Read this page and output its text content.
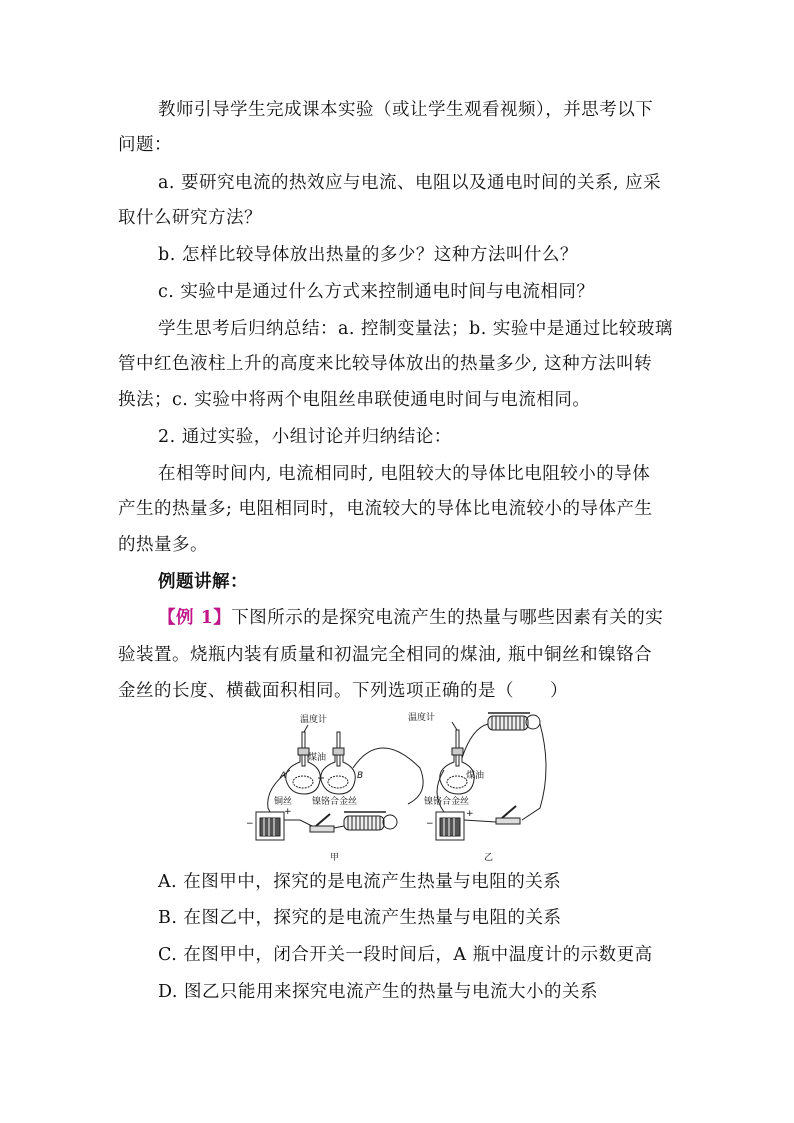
教师引导学生完成课本实验（或让学生观看视频），并思考以下
问题：
a. 要研究电流的热效应与电流、电阻以及通电时间的关系, 应采
取什么研究方法？
b. 怎样比较导体放出热量的多少？这种方法叫什么？
c. 实验中是通过什么方式来控制通电时间与电流相同？
学生思考后归纳总结：a. 控制变量法；b. 实验中是通过比较玻璃
管中红色液柱上升的高度来比较导体放出的热量多少, 这种方法叫转
换法；c. 实验中将两个电阻丝串联使通电时间与电流相同。
2. 通过实验，小组讨论并归纳结论：
在相等时间内, 电流相同时, 电阻较大的导体比电阻较小的导体
产生的热量多; 电阻相同时，电流较大的导体比电流较小的导体产生
的热量多。
例题讲解：
【例 1】下图所示的是探究电流产生的热量与哪些因素有关的实
验装置。烧瓶内装有质量和初温完全相同的煤油, 瓶中铜丝和镍铬合
金丝的长度、横截面积相同。下列选项正确的是（　　）
温度计
煤油
A	B
铜丝 镍铬合金丝
−
+
甲
温度计
煤油
镍铬合金丝
−
+
乙
A. 在图甲中，探究的是电流产生热量与电阻的关系
B. 在图乙中，探究的是电流产生热量与电阻的关系
C. 在图甲中，闭合开关一段时间后，A 瓶中温度计的示数更高
D. 图乙只能用来探究电流产生的热量与电流大小的关系
